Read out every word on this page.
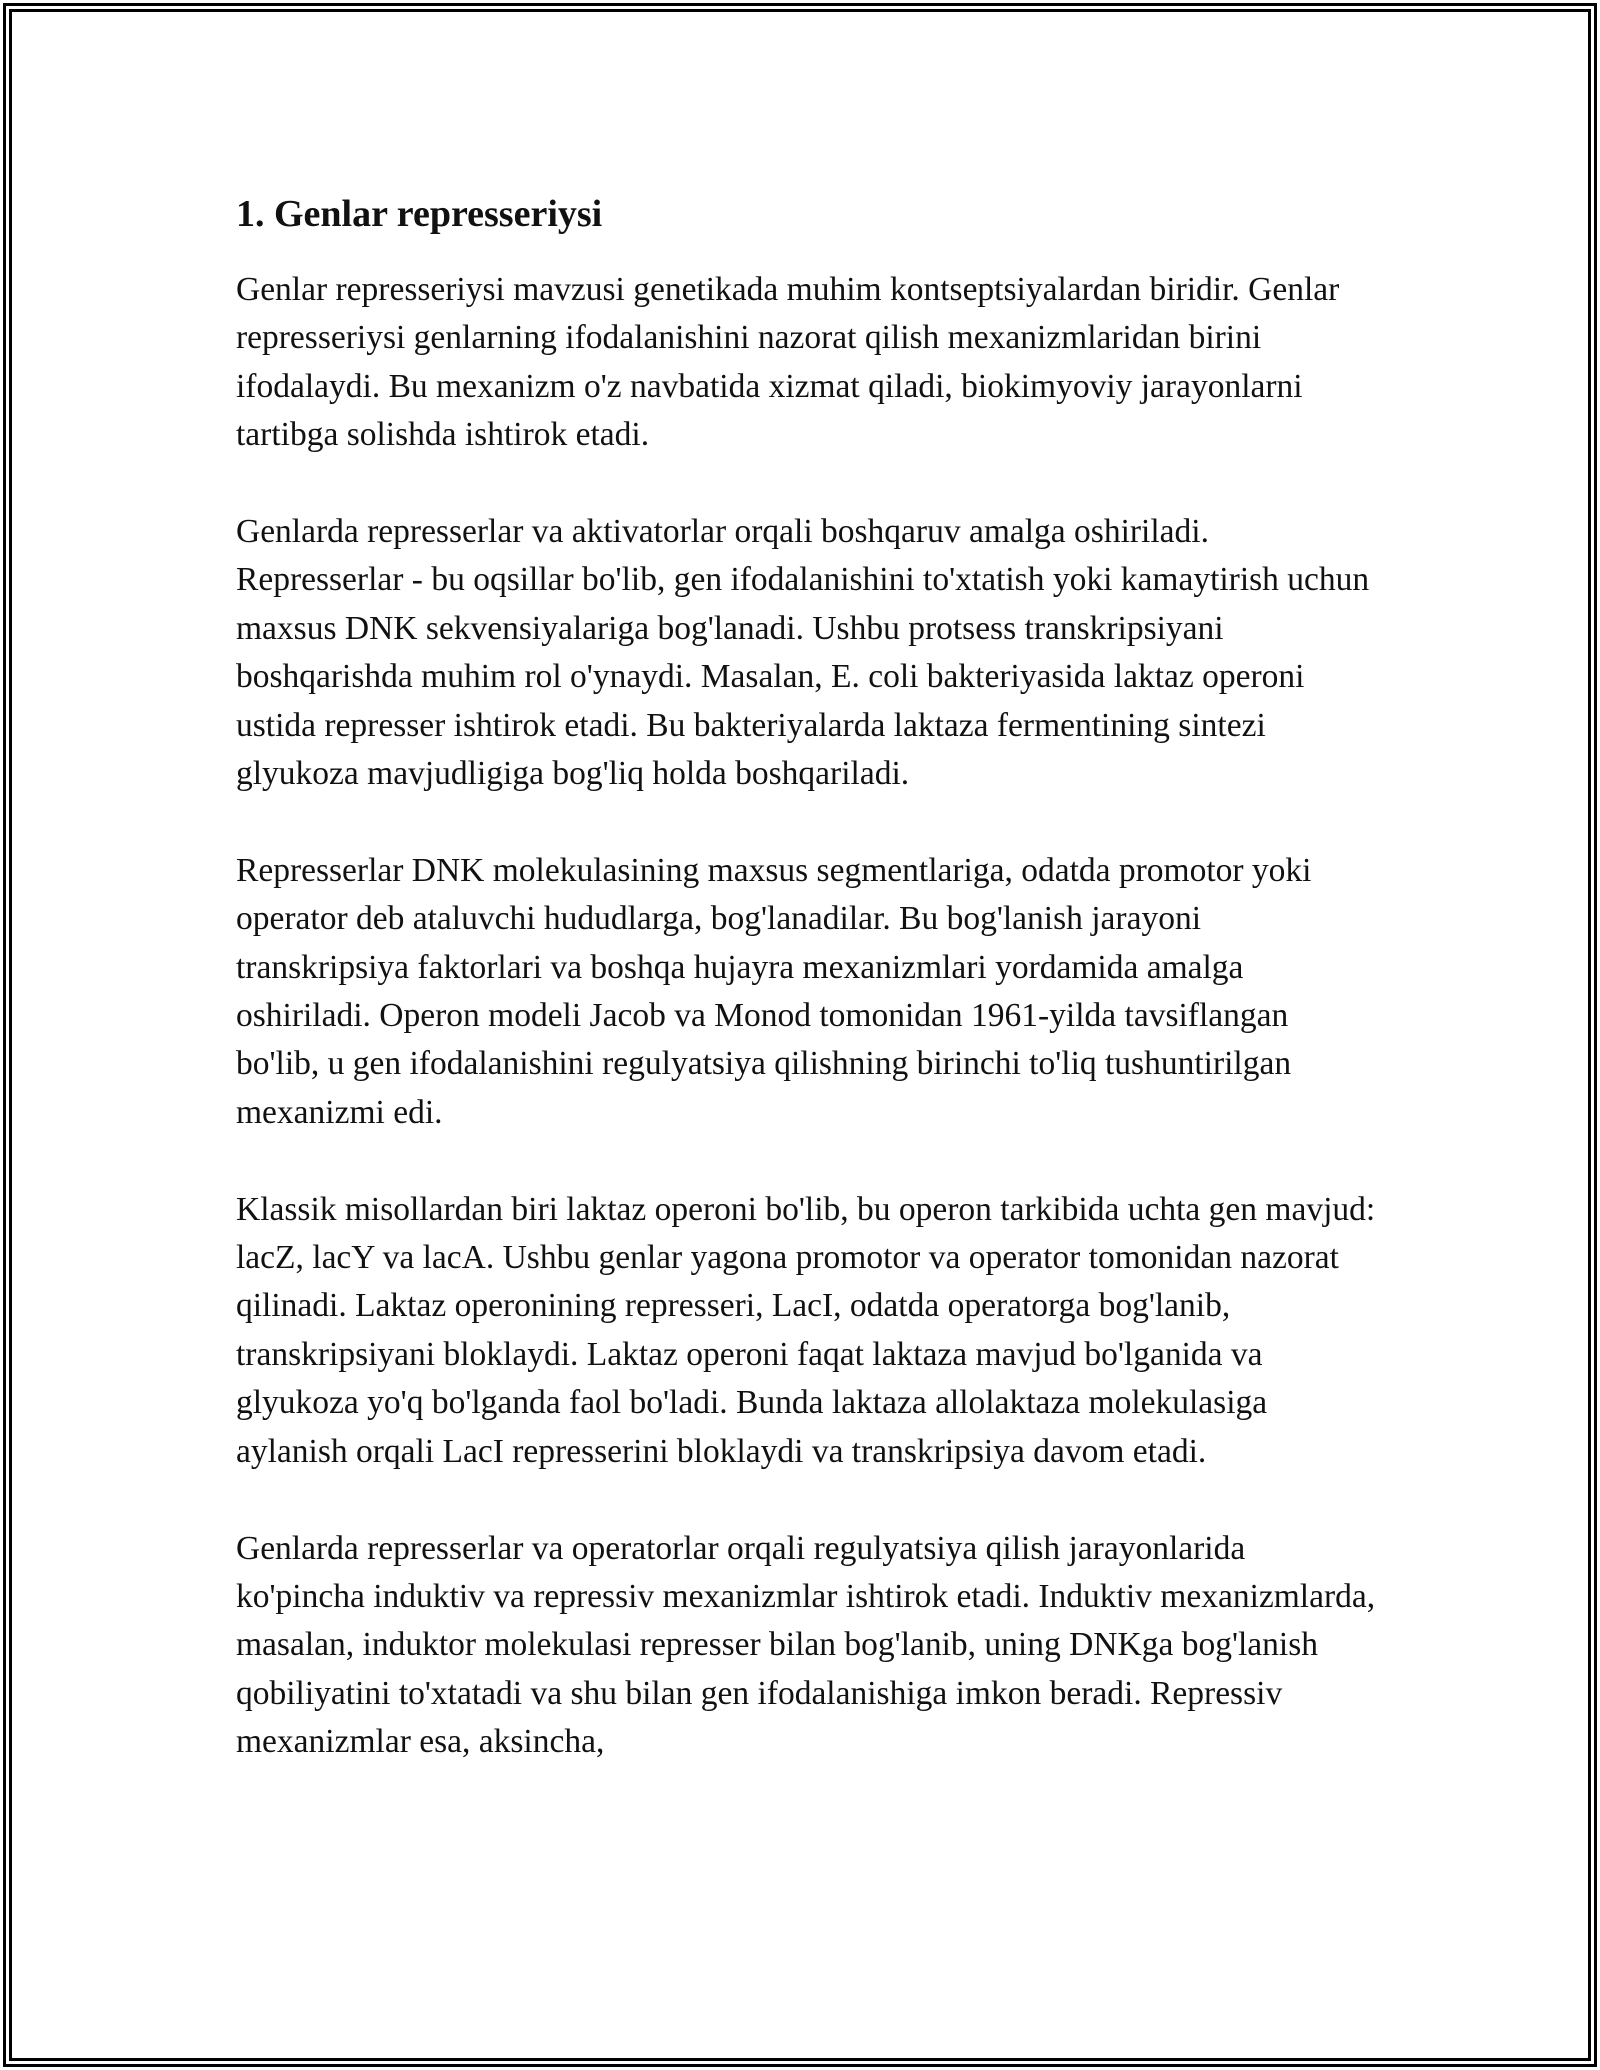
1. Genlar represseriysi

Genlar represseriysi mavzusi genetikada muhim kontseptsiyalardan biridir. Genlar represseriysi genlarning ifodalanishini nazorat qilish mexanizmlaridan birini ifodalaydi. Bu mexanizm o'z navbatida xizmat qiladi, biokimyoviy jarayonlarni tartibga solishda ishtirok etadi.

Genlarda represserlar va aktivatorlar orqali boshqaruv amalga oshiriladi. Represserlar - bu oqsillar bo'lib, gen ifodalanishini to'xtatish yoki kamaytirish uchun maxsus DNK sekvensiyalariga bog'lanadi. Ushbu protsess transkripsiyani boshqarishda muhim rol o'ynaydi. Masalan, E. coli bakteriyasida laktaz operoni ustida represser ishtirok etadi. Bu bakteriyalarda laktaza fermentining sintezi glyukoza mavjudligiga bog'liq holda boshqariladi.

Represserlar DNK molekulasining maxsus segmentlariga, odatda promotor yoki operator deb ataluvchi hududlarga, bog'lanadilar. Bu bog'lanish jarayoni transkripsiya faktorlari va boshqa hujayra mexanizmlari yordamida amalga oshiriladi. Operon modeli Jacob va Monod tomonidan 1961-yilda tavsiflangan bo'lib, u gen ifodalanishini regulyatsiya qilishning birinchi to'liq tushuntirilgan mexanizmi edi.

Klassik misollardan biri laktaz operoni bo'lib, bu operon tarkibida uchta gen mavjud: lacZ, lacY va lacA. Ushbu genlar yagona promotor va operator tomonidan nazorat qilinadi. Laktaz operonining represseri, LacI, odatda operatorga bog'lanib, transkripsiyani bloklaydi. Laktaz operoni faqat laktaza mavjud bo'lganida va glyukoza yo'q bo'lganda faol bo'ladi. Bunda laktaza allolaktaza molekulasiga aylanish orqali LacI represserini bloklaydi va transkripsiya davom etadi.

Genlarda represserlar va operatorlar orqali regulyatsiya qilish jarayonlarida ko'pincha induktiv va repressiv mexanizmlar ishtirok etadi. Induktiv mexanizmlarda, masalan, induktor molekulasi represser bilan bog'lanib, uning DNKga bog'lanish qobiliyatini to'xtatadi va shu bilan gen ifodalanishiga imkon beradi. Repressiv mexanizmlar esa, aksincha,
